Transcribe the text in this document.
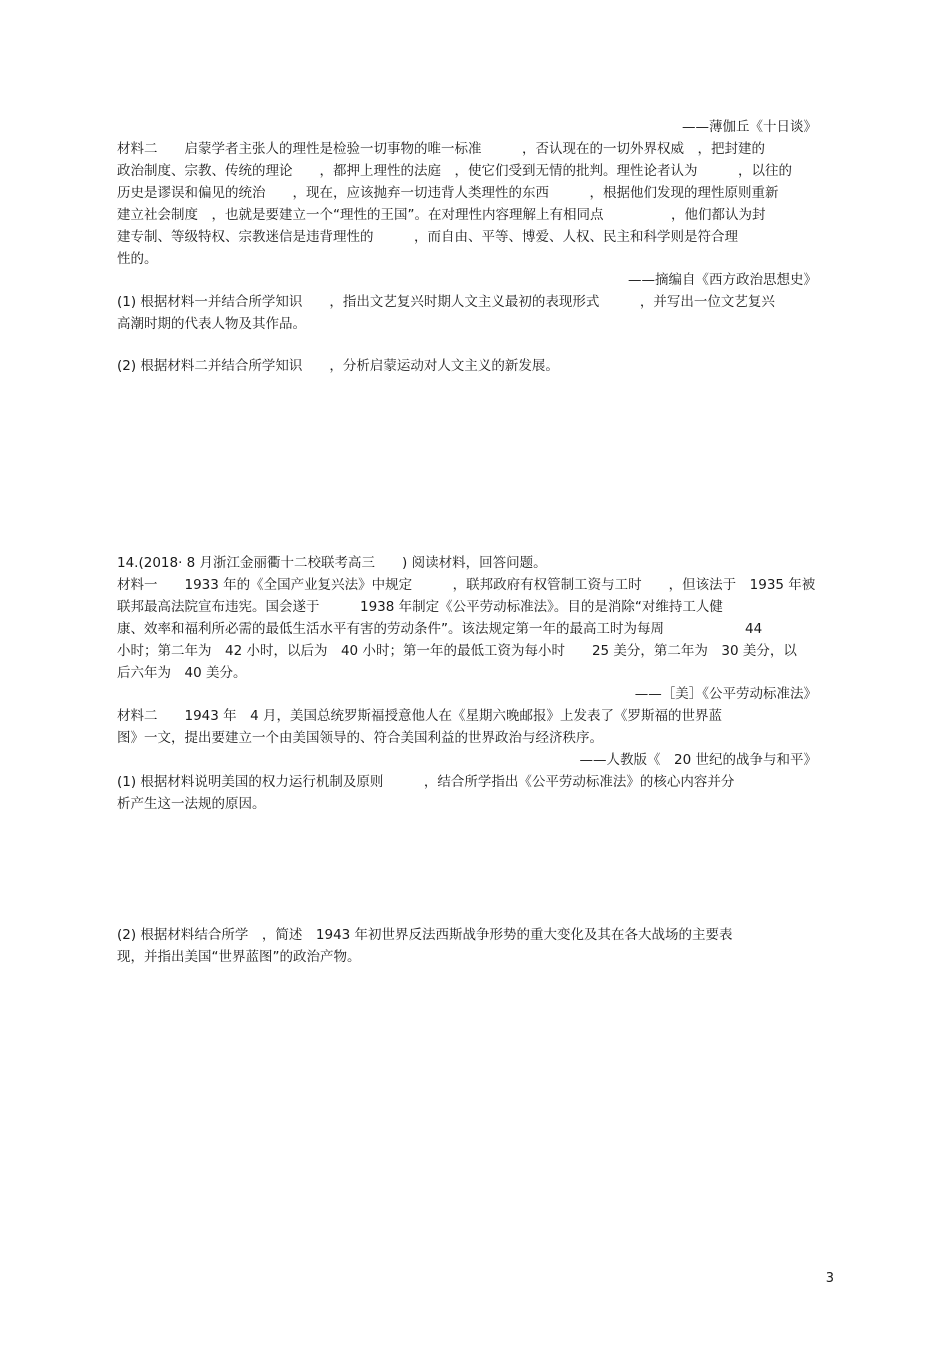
——薄伽丘《十日谈》
材料二　　启蒙学者主张人的理性是检验一切事物的唯一标准　　　，否认现在的一切外界权威　，把封建的
政治制度、宗教、传统的理论　　，都押上理性的法庭　，使它们受到无情的批判。理性论者认为　　　，以往的
历史是谬误和偏见的统治　　，现在，应该抛弃一切违背人类理性的东西　　　，根据他们发现的理性原则重新
建立社会制度　，也就是要建立一个“理性的王国”。在对理性内容理解上有相同点　　　　　，他们都认为封
建专制、等级特权、宗教迷信是违背理性的　　　，而自由、平等、博爱、人权、民主和科学则是符合理
性的。
——摘编自《西方政治思想史》
(1) 根据材料一并结合所学知识　　，指出文艺复兴时期人文主义最初的表现形式　　　，并写出一位文艺复兴
高潮时期的代表人物及其作品。
(2) 根据材料二并结合所学知识　　，分析启蒙运动对人文主义的新发展。
14.(2018· 8 月浙江金丽衢十二校联考高三　　) 阅读材料，回答问题。
材料一　　1933 年的《全国产业复兴法》中规定　　　，联邦政府有权管制工资与工时　　，但该法于　1935 年被
联邦最高法院宣布违宪。国会遂于　　　1938 年制定《公平劳动标准法》。目的是消除“对维持工人健
康、效率和福利所必需的最低生活水平有害的劳动条件”。该法规定第一年的最高工时为每周　　　　　　44
小时；第二年为　42 小时，以后为　40 小时；第一年的最低工资为每小时　　25 美分，第二年为　30 美分，以
后六年为　40 美分。
——［美］《公平劳动标准法》
材料二　　1943 年　4 月，美国总统罗斯福授意他人在《星期六晚邮报》上发表了《罗斯福的世界蓝
图》一文，提出要建立一个由美国领导的、符合美国利益的世界政治与经济秩序。
——人教版《　20 世纪的战争与和平》
(1) 根据材料说明美国的权力运行机制及原则　　　，结合所学指出《公平劳动标准法》的核心内容并分
析产生这一法规的原因。
(2) 根据材料结合所学　，简述　1943 年初世界反法西斯战争形势的重大变化及其在各大战场的主要表
现，并指出美国“世界蓝图”的政治产物。
3
